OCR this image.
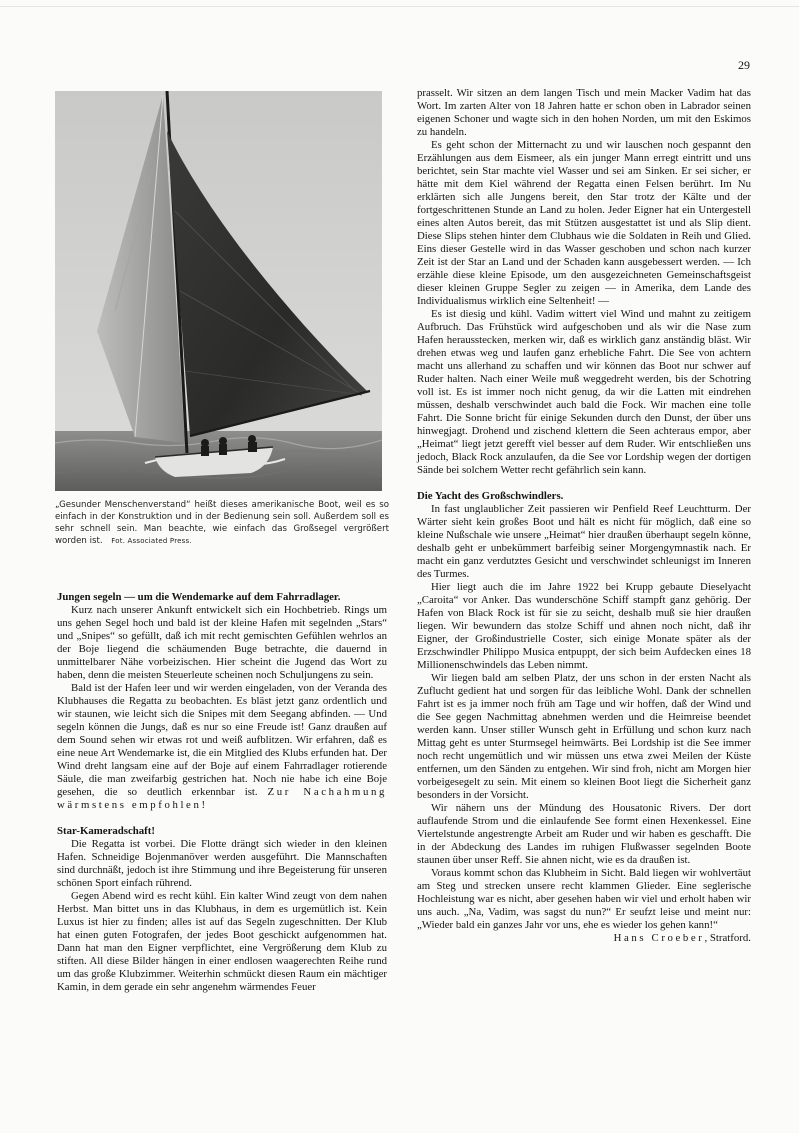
29
„Gesunder Menschenverstand“ heißt dieses amerikanische Boot, weil es so einfach in der Konstruktion und in der Bedienung sein soll. Außerdem soll es sehr schnell sein. Man beachte, wie einfach das Großsegel vergrößert worden ist. Fot. Associated Press.
Jungen segeln — um die Wendemarke auf dem Fahrradlager.

Kurz nach unserer Ankunft entwickelt sich ein Hochbetrieb. Rings um uns gehen Segel hoch und bald ist der kleine Hafen mit segelnden „Stars“ und „Snipes“ so gefüllt, daß ich mit recht gemischten Gefühlen wehrlos an der Boje liegend die schäumenden Buge betrachte, die dauernd in unmittelbarer Nähe vorbeizischen. Hier scheint die Jugend das Wort zu haben, denn die meisten Steuerleute scheinen noch Schuljungens zu sein.

Bald ist der Hafen leer und wir werden eingeladen, von der Veranda des Klubhauses die Regatta zu beobachten. Es bläst jetzt ganz ordentlich und wir staunen, wie leicht sich die Snipes mit dem Seegang abfinden. — Und segeln können die Jungs, daß es nur so eine Freude ist! Ganz draußen auf dem Sound sehen wir etwas rot und weiß aufblitzen. Wir erfahren, daß es eine neue Art Wendemarke ist, die ein Mitglied des Klubs erfunden hat. Der Wind dreht langsam eine auf der Boje auf einem Fahrradlager rotierende Säule, die man zweifarbig gestrichen hat. Noch nie habe ich eine Boje gesehen, die so deutlich erkennbar ist. Zur Nachahmung wärmstens empfohlen!

Star-Kameradschaft!

Die Regatta ist vorbei. Die Flotte drängt sich wieder in den kleinen Hafen. Schneidige Bojenmanöver werden ausgeführt. Die Mannschaften sind durchnäßt, jedoch ist ihre Stimmung und ihre Begeisterung für unseren schönen Sport einfach rührend.

Gegen Abend wird es recht kühl. Ein kalter Wind zeugt von dem nahen Herbst. Man bittet uns in das Klubhaus, in dem es urgemütlich ist. Kein Luxus ist hier zu finden; alles ist auf das Segeln zugeschnitten. Der Klub hat einen guten Fotografen, der jedes Boot geschickt aufgenommen hat. Dann hat man den Eigner verpflichtet, eine Vergrößerung dem Klub zu stiften. All diese Bilder hängen in einer endlosen waagerechten Reihe rund um das große Klubzimmer. Weiterhin schmückt diesen Raum ein mächtiger Kamin, in dem gerade ein sehr angenehm wärmendes Feuer

prasselt. Wir sitzen an dem langen Tisch und mein Macker Vadim hat das Wort. Im zarten Alter von 18 Jahren hatte er schon oben in Labrador seinen eigenen Schoner und wagte sich in den hohen Norden, um mit den Eskimos zu handeln.

Es geht schon der Mitternacht zu und wir lauschen noch gespannt den Erzählungen aus dem Eismeer, als ein junger Mann erregt eintritt und uns berichtet, sein Star machte viel Wasser und sei am Sinken. Er sei sicher, er hätte mit dem Kiel während der Regatta einen Felsen berührt. Im Nu erklärten sich alle Jungens bereit, den Star trotz der Kälte und der fortgeschrittenen Stunde an Land zu holen. Jeder Eigner hat ein Untergestell eines alten Autos bereit, das mit Stützen ausgestattet ist und als Slip dient. Diese Slips stehen hinter dem Clubhaus wie die Soldaten in Reih und Glied. Eins dieser Gestelle wird in das Wasser geschoben und schon nach kurzer Zeit ist der Star an Land und der Schaden kann ausgebessert werden. — Ich erzähle diese kleine Episode, um den ausgezeichneten Gemeinschaftsgeist dieser kleinen Gruppe Segler zu zeigen — in Amerika, dem Lande des Individualismus wirklich eine Seltenheit! —

Es ist diesig und kühl. Vadim wittert viel Wind und mahnt zu zeitigem Aufbruch. Das Frühstück wird aufgeschoben und als wir die Nase zum Hafen herausstecken, merken wir, daß es wirklich ganz anständig bläst. Wir drehen etwas weg und laufen ganz erhebliche Fahrt. Die See von achtern macht uns allerhand zu schaffen und wir können das Boot nur schwer auf Ruder halten. Nach einer Weile muß weggedreht werden, bis der Schotring voll ist. Es ist immer noch nicht genug, da wir die Latten mit eindrehen müssen, deshalb verschwindet auch bald die Fock. Wir machen eine tolle Fahrt. Die Sonne bricht für einige Sekunden durch den Dunst, der über uns hinwegjagt. Drohend und zischend klettern die Seen achteraus empor, aber „Heimat“ liegt jetzt gerefft viel besser auf dem Ruder. Wir entschließen uns jedoch, Black Rock anzulaufen, da die See vor Lordship wegen der dortigen Sände bei solchem Wetter recht gefährlich sein kann.

Die Yacht des Großschwindlers.

In fast unglaublicher Zeit passieren wir Penfield Reef Leuchtturm. Der Wärter sieht kein großes Boot und hält es nicht für möglich, daß eine so kleine Nußschale wie unsere „Heimat“ hier draußen überhaupt segeln könne, deshalb geht er unbekümmert barfeibig seiner Morgengymnastik nach. Er macht ein ganz verdutztes Gesicht und verschwindet schleunigst im Inneren des Turmes.

Hier liegt auch die im Jahre 1922 bei Krupp gebaute Dieselyacht „Caroita“ vor Anker. Das wunderschöne Schiff stampft ganz gehörig. Der Hafen von Black Rock ist für sie zu seicht, deshalb muß sie hier draußen liegen. Wir bewundern das stolze Schiff und ahnen noch nicht, daß ihr Eigner, der Großindustrielle Coster, sich einige Monate später als der Erzschwindler Philippo Musica entpuppt, der sich beim Aufdecken eines 18 Millionenschwindels das Leben nimmt.

Wir liegen bald am selben Platz, der uns schon in der ersten Nacht als Zuflucht gedient hat und sorgen für das leibliche Wohl. Dank der schnellen Fahrt ist es ja immer noch früh am Tage und wir hoffen, daß der Wind und die See gegen Nachmittag abnehmen werden und die Heimreise beendet werden kann. Unser stiller Wunsch geht in Erfüllung und schon kurz nach Mittag geht es unter Sturmsegel heimwärts. Bei Lordship ist die See immer noch recht ungemütlich und wir müssen uns etwa zwei Meilen der Küste entfernen, um den Sänden zu entgehen. Wir sind froh, nicht am Morgen hier vorbeigesegelt zu sein. Mit einem so kleinen Boot liegt die Sicherheit ganz besonders in der Vorsicht.

Wir nähern uns der Mündung des Housatonic Rivers. Der dort auflaufende Strom und die einlaufende See formt einen Hexenkessel. Eine Viertelstunde angestrengte Arbeit am Ruder und wir haben es geschafft. Die in der Abdeckung des Landes im ruhigen Flußwasser segelnden Boote staunen über unser Reff. Sie ahnen nicht, wie es da draußen ist.

Voraus kommt schon das Klubheim in Sicht. Bald liegen wir wohlvertäut am Steg und strecken unsere recht klammen Glieder. Eine seglerische Hochleistung war es nicht, aber gesehen haben wir viel und erholt haben wir uns auch. „Na, Vadim, was sagst du nun?“ Er seufzt leise und meint nur: „Wieder bald ein ganzes Jahr vor uns, ehe es wieder los gehen kann!“

Hans Croeber, Stratford.
